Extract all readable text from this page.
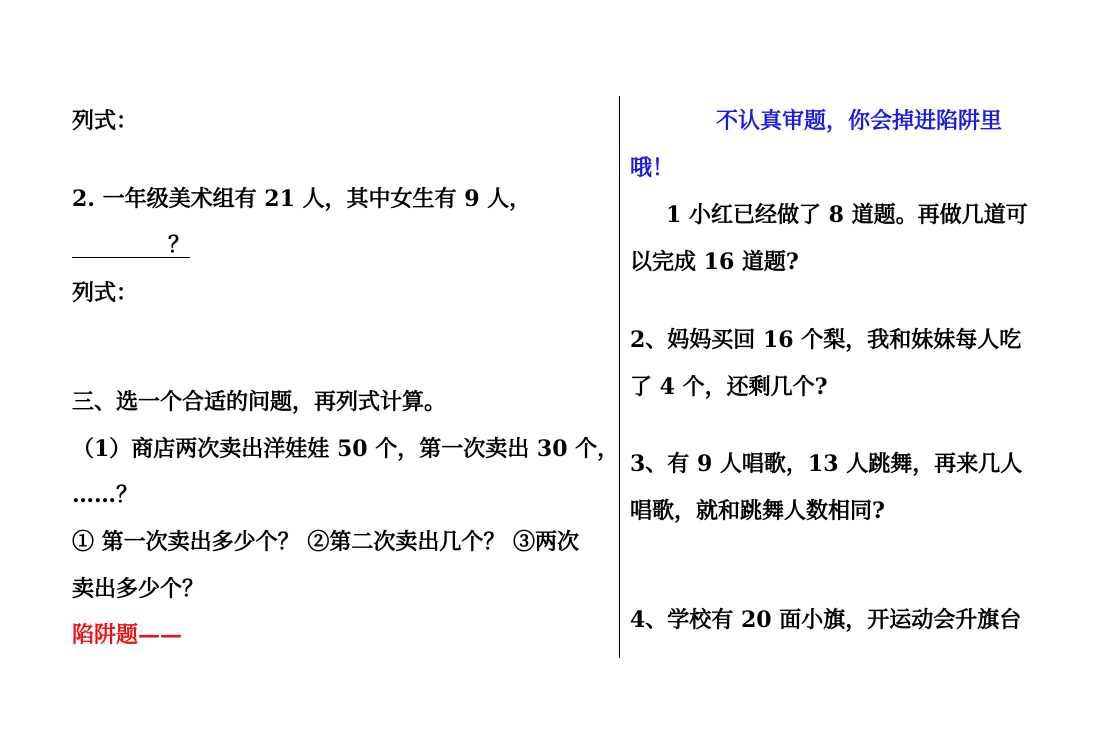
列式：
2. 一年级美术组有 21 人，其中女生有 9 人，
？
列式：
三、选一个合适的问题，再列式计算。
（1）商店两次卖出洋娃娃 50 个，第一次卖出 30 个，
……？
① 第一次卖出多少个？ ②第二次卖出几个？ ③两次
卖出多少个？
陷阱题——
不认真审题，你会掉进陷阱里
哦！
1 小红已经做了 8 道题。再做几道可
以完成 16 道题?
2、妈妈买回 16 个梨，我和妹妹每人吃
了 4 个，还剩几个?
3、有 9 人唱歌，13 人跳舞，再来几人
唱歌，就和跳舞人数相同?
4、学校有 20 面小旗，开运动会升旗台
